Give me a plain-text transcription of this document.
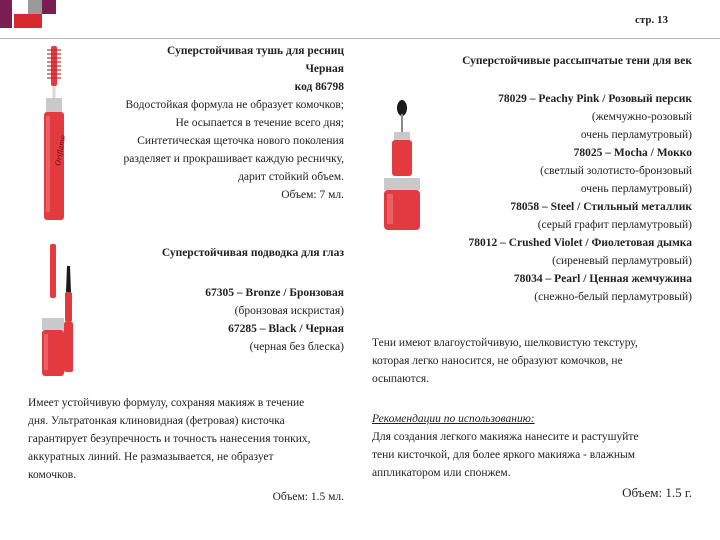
стр. 13
Oriflame
Суперстойчивая тушь для ресниц
Черная
код 86798
Водостойкая формула не образует комочков;
Не осыпается в течение всего дня;
Синтетическая щеточка нового поколения
разделяет и прокрашивает каждую ресничку,
дарит стойкий объем.
Объем: 7 мл.
Суперстойчивая подводка для глаз
67305 – Bronze / Бронзовая
(бронзовая искристая)
67285 – Black / Черная
(черная без блеска)
Имеет устойчивую формулу, сохраняя макияж в течение
дня. Ультратонкая клиновидная (фетровая) кисточка
гарантирует безупречность и точность нанесения тонких,
аккуратных линий. Не размазывается, не образует
комочков.
Объем: 1.5 мл.
Суперстойчивые рассыпчатые тени для век
78029 – Peachy Pink / Розовый персик
(жемчужно-розовый
очень перламутровый)
78025 – Mocha / Мокко
(светлый золотисто-бронзовый
очень перламутровый)
78058 – Steel / Стильный металлик
(серый графит перламутровый)
78012 – Crushed Violet / Фиолетовая дымка
(сиреневый перламутровый)
78034 – Pearl / Ценная жемчужина
(снежно-белый перламутровый)
Тени имеют влагоустойчивую, шелковистую текстуру,
которая легко наносится, не образуют комочков, не
осыпаются.
Рекомендации по использованию:
Для создания легкого макияжа нанесите и растушуйте
тени кисточкой, для более яркого макияжа - влажным
аппликатором или спонжем.
Объем: 1.5 г.
